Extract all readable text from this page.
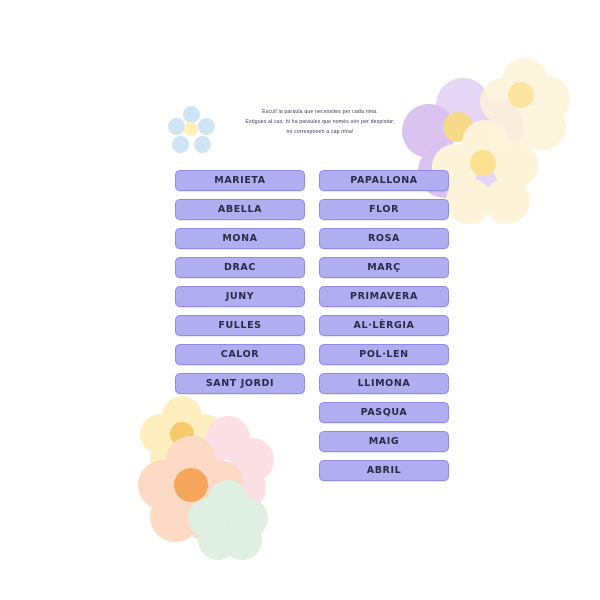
Escull la paraula que necessites per cada rima.
Estigues al cas: hi ha paraules que només són per despistar;
no corresponen a cap rima!
MARIETA
ABELLA
MONA
DRAC
JUNY
FULLES
CALOR
SANT JORDI
PAPALLONA
FLOR
ROSA
MARÇ
PRIMAVERA
AL·LÈRGIA
POL·LEN
LLIMONA
PASQUA
MAIG
ABRIL
